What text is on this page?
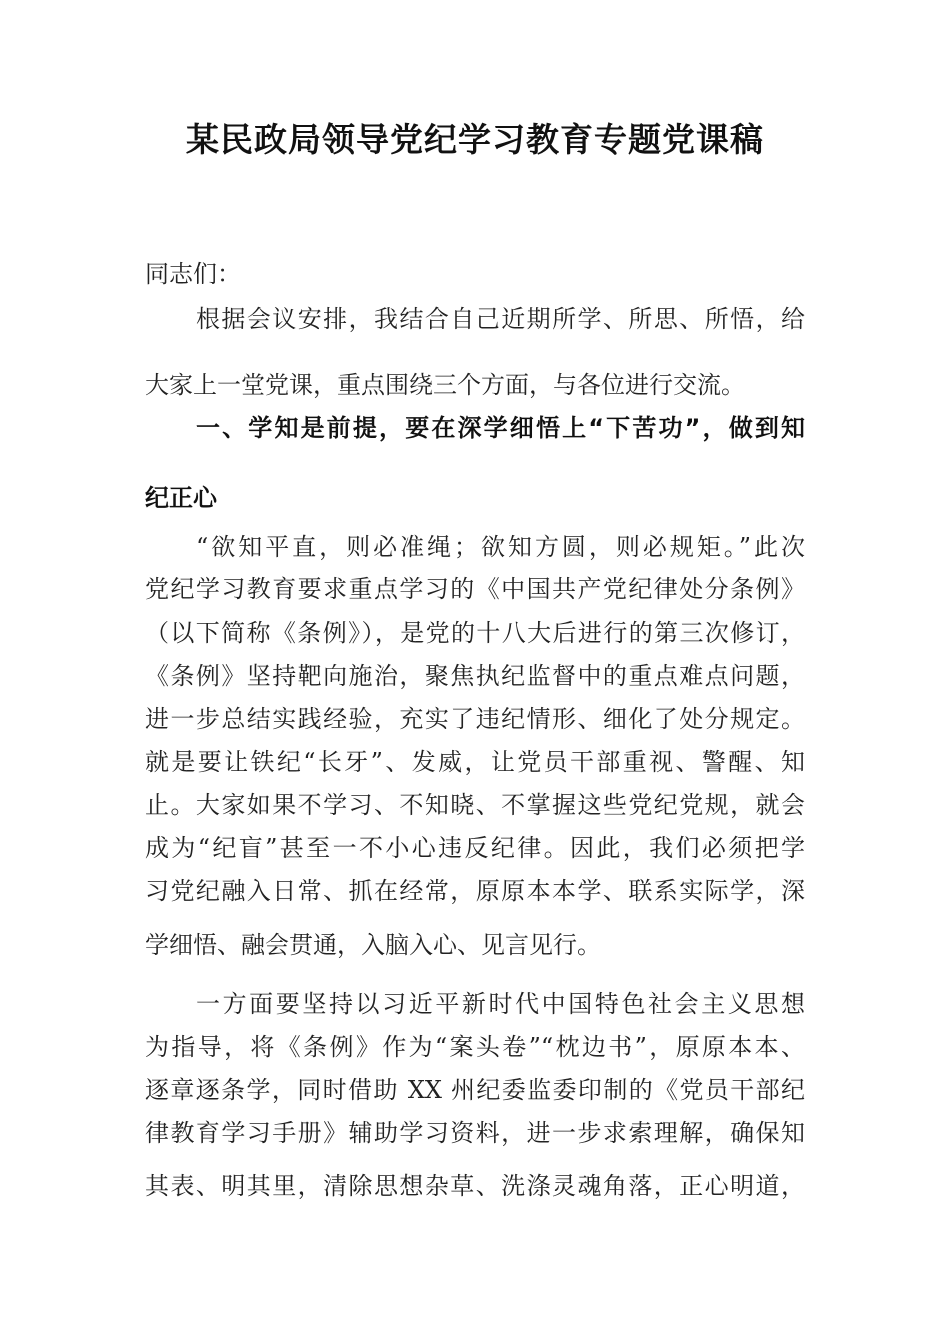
某民政局领导党纪学习教育专题党课稿
同志们：
根据会议安排，我结合自己近期所学、所思、所悟，给
大家上一堂党课，重点围绕三个方面，与各位进行交流。
一、学知是前提，要在深学细悟上“下苦功”，做到知
纪正心
“欲知平直，则必准绳；欲知方圆，则必规矩。”此次
党纪学习教育要求重点学习的《中国共产党纪律处分条例》
（以下简称《条例》），是党的十八大后进行的第三次修订，
《条例》坚持靶向施治，聚焦执纪监督中的重点难点问题，
进一步总结实践经验，充实了违纪情形、细化了处分规定。
就是要让铁纪“长牙”、发威，让党员干部重视、警醒、知
止。大家如果不学习、不知晓、不掌握这些党纪党规，就会
成为“纪盲”甚至一不小心违反纪律。因此，我们必须把学
习党纪融入日常、抓在经常，原原本本学、联系实际学，深
学细悟、融会贯通，入脑入心、见言见行。
一方面要坚持以习近平新时代中国特色社会主义思想
为指导，将《条例》作为“案头卷”“枕边书”，原原本本、
逐章逐条学，同时借助 XX 州纪委监委印制的《党员干部纪
律教育学习手册》辅助学习资料，进一步求索理解，确保知
其表、明其里，清除思想杂草、洗涤灵魂角落，正心明道，
